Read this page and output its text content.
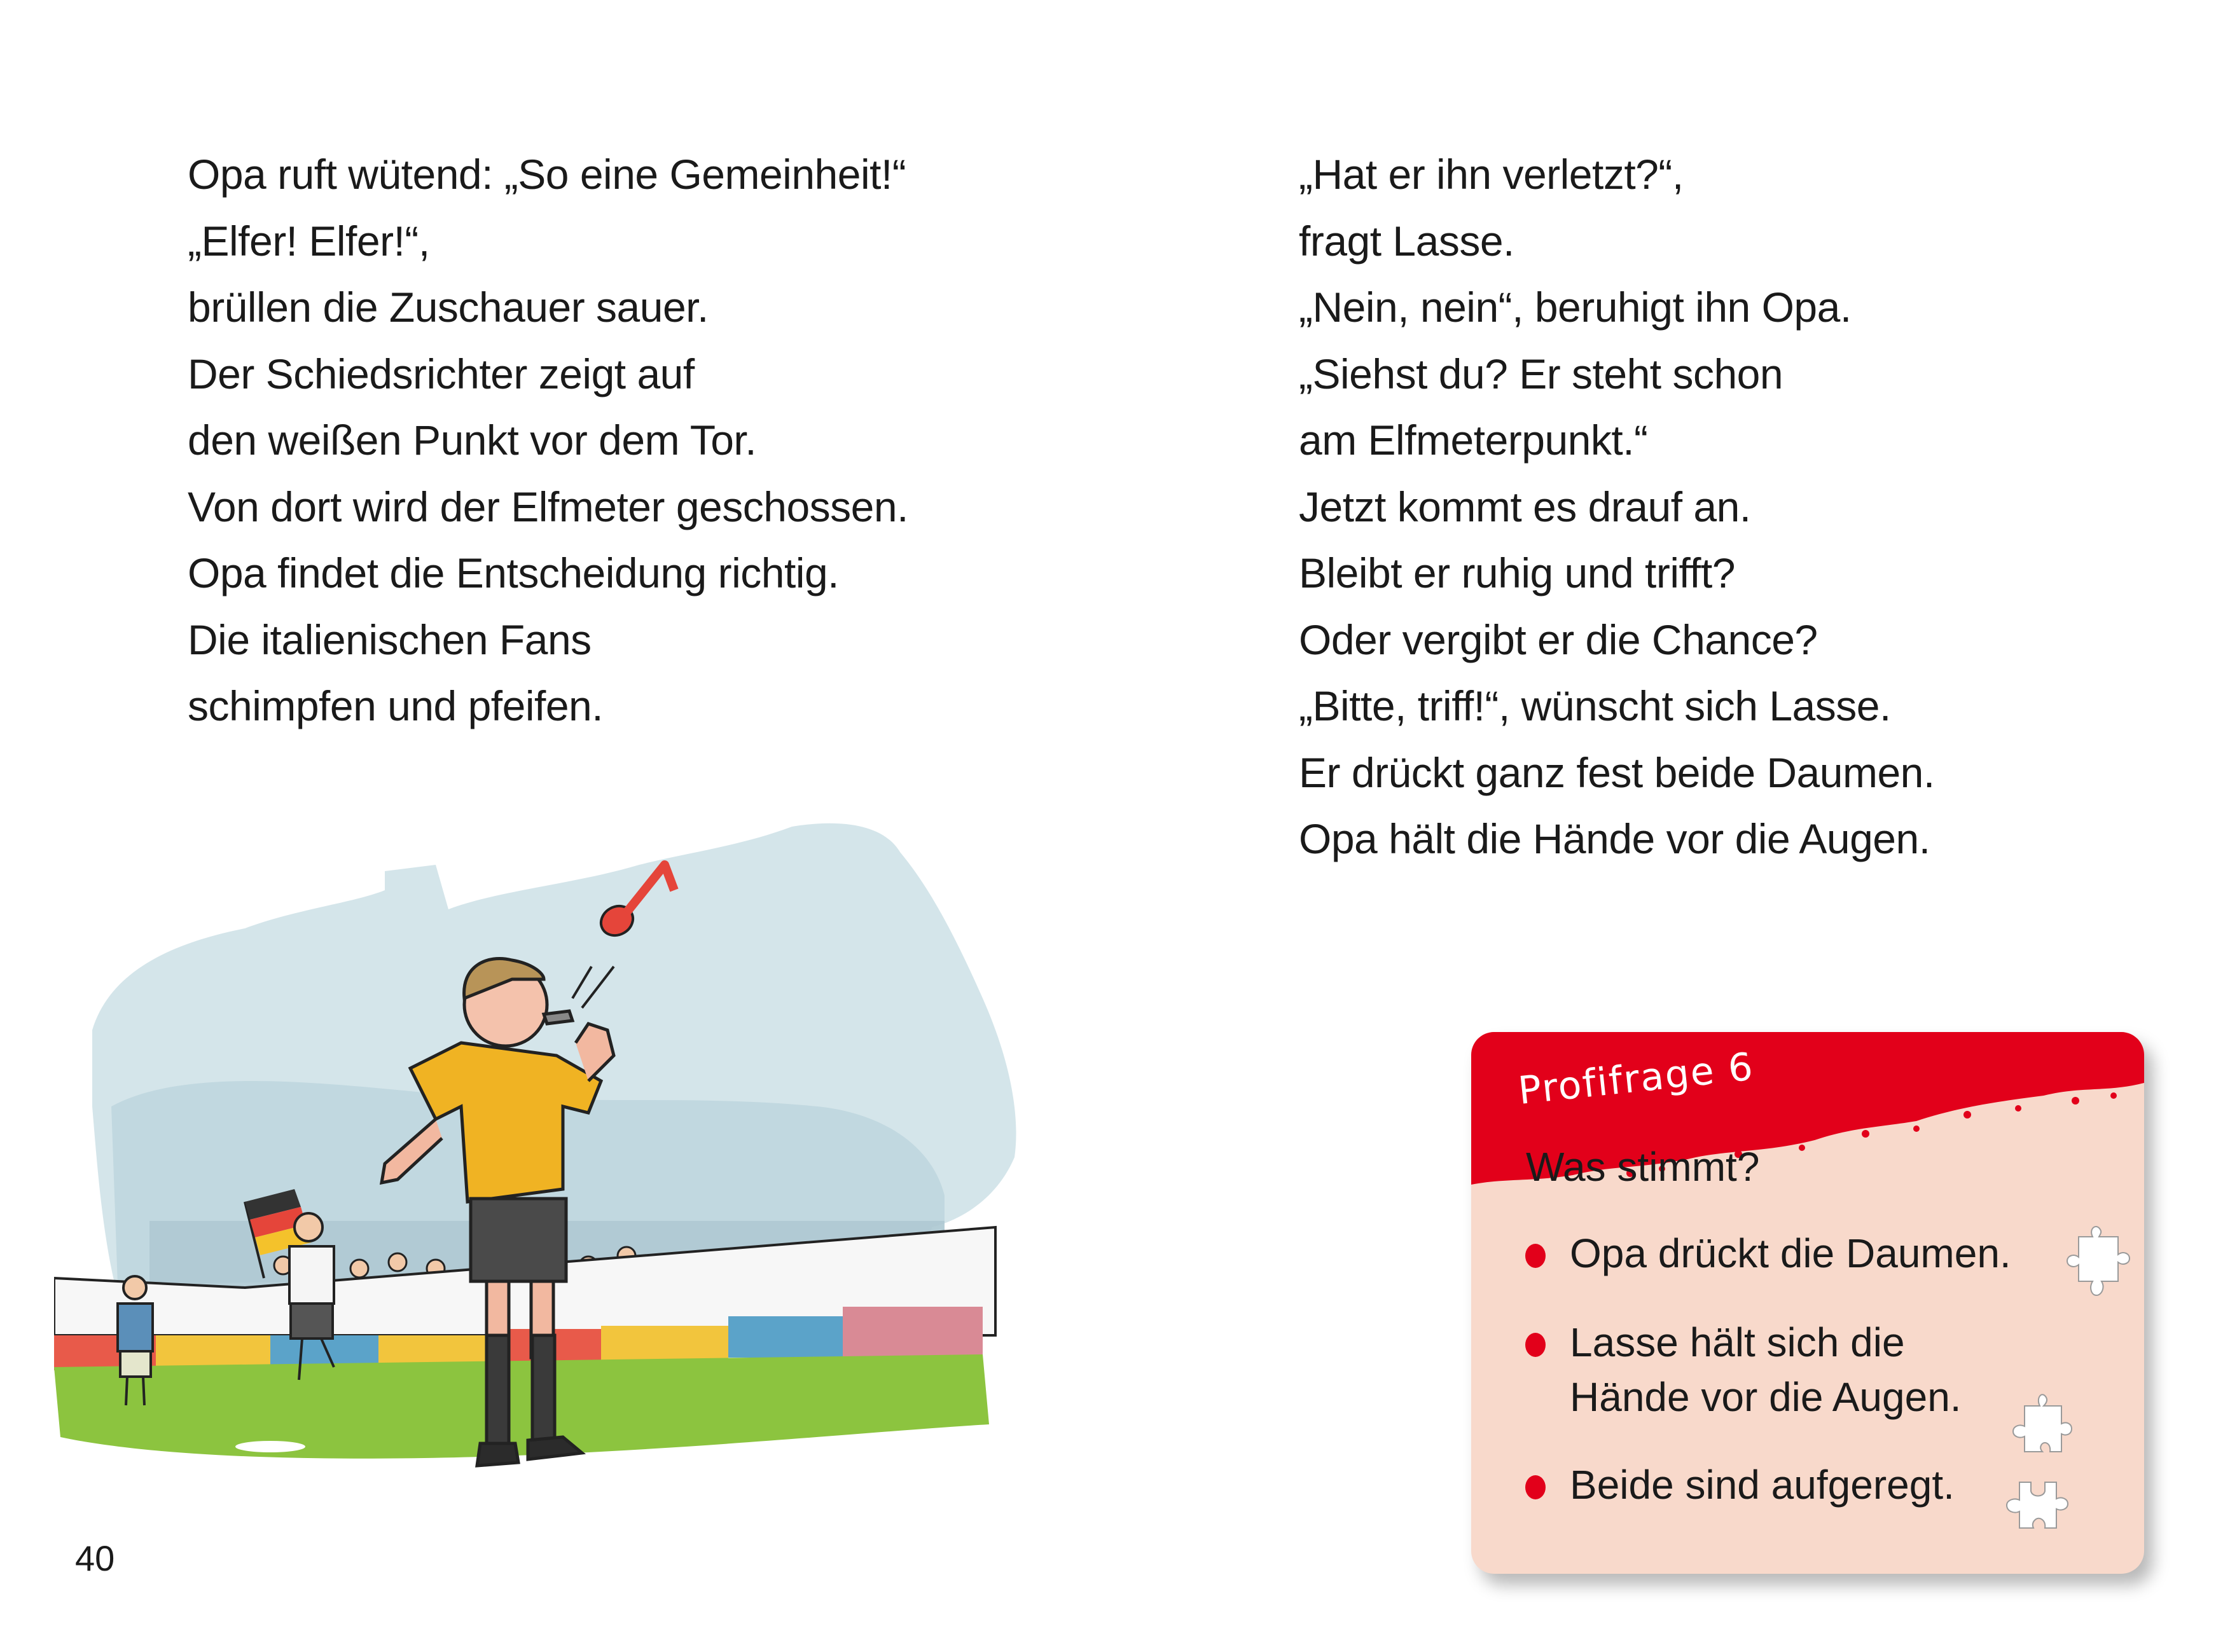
Opa ruft wütend: „So eine Gemeinheit!“
„Elfer! Elfer!“,
brüllen die Zuschauer sauer.
Der Schiedsrichter zeigt auf
den weißen Punkt vor dem Tor.
Von dort wird der Elfmeter geschossen.
Opa findet die Entscheidung richtig.
Die italienischen Fans
schimpfen und pfeifen.
„Hat er ihn verletzt?“,
fragt Lasse.
„Nein, nein“, beruhigt ihn Opa.
„Siehst du? Er steht schon
am Elfmeterpunkt.“
Jetzt kommt es drauf an.
Bleibt er ruhig und trifft?
Oder vergibt er die Chance?
„Bitte, triff!“, wünscht sich Lasse.
Er drückt ganz fest beide Daumen.
Opa hält die Hände vor die Augen.
40
Profifrage 6
Was stimmt?
Opa drückt die Daumen.
Lasse hält sich die
Hände vor die Augen.
Beide sind aufgeregt.
